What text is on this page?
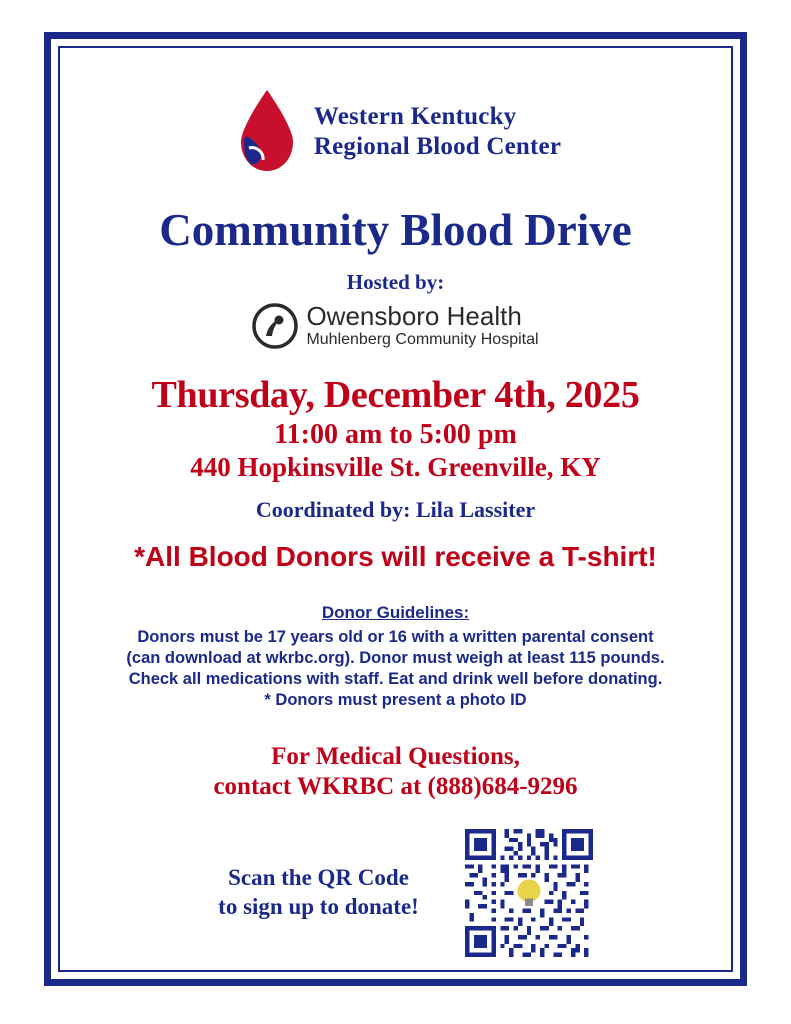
Western Kentucky
Regional Blood Center
Community Blood Drive
Hosted by:
Owensboro Health
Muhlenberg Community Hospital
Thursday, December 4th, 2025
11:00 am to 5:00 pm
440 Hopkinsville St. Greenville, KY
Coordinated by: Lila Lassiter
*All Blood Donors will receive a T-shirt!
Donor Guidelines:
Donors must be 17 years old or 16 with a written parental consent
(can download at wkrbc.org). Donor must weigh at least 115 pounds.
Check all medications with staff. Eat and drink well before donating.
* Donors must present a photo ID
For Medical Questions,
contact WKRBC at (888)684-9296
Scan the QR Code
to sign up to donate!
